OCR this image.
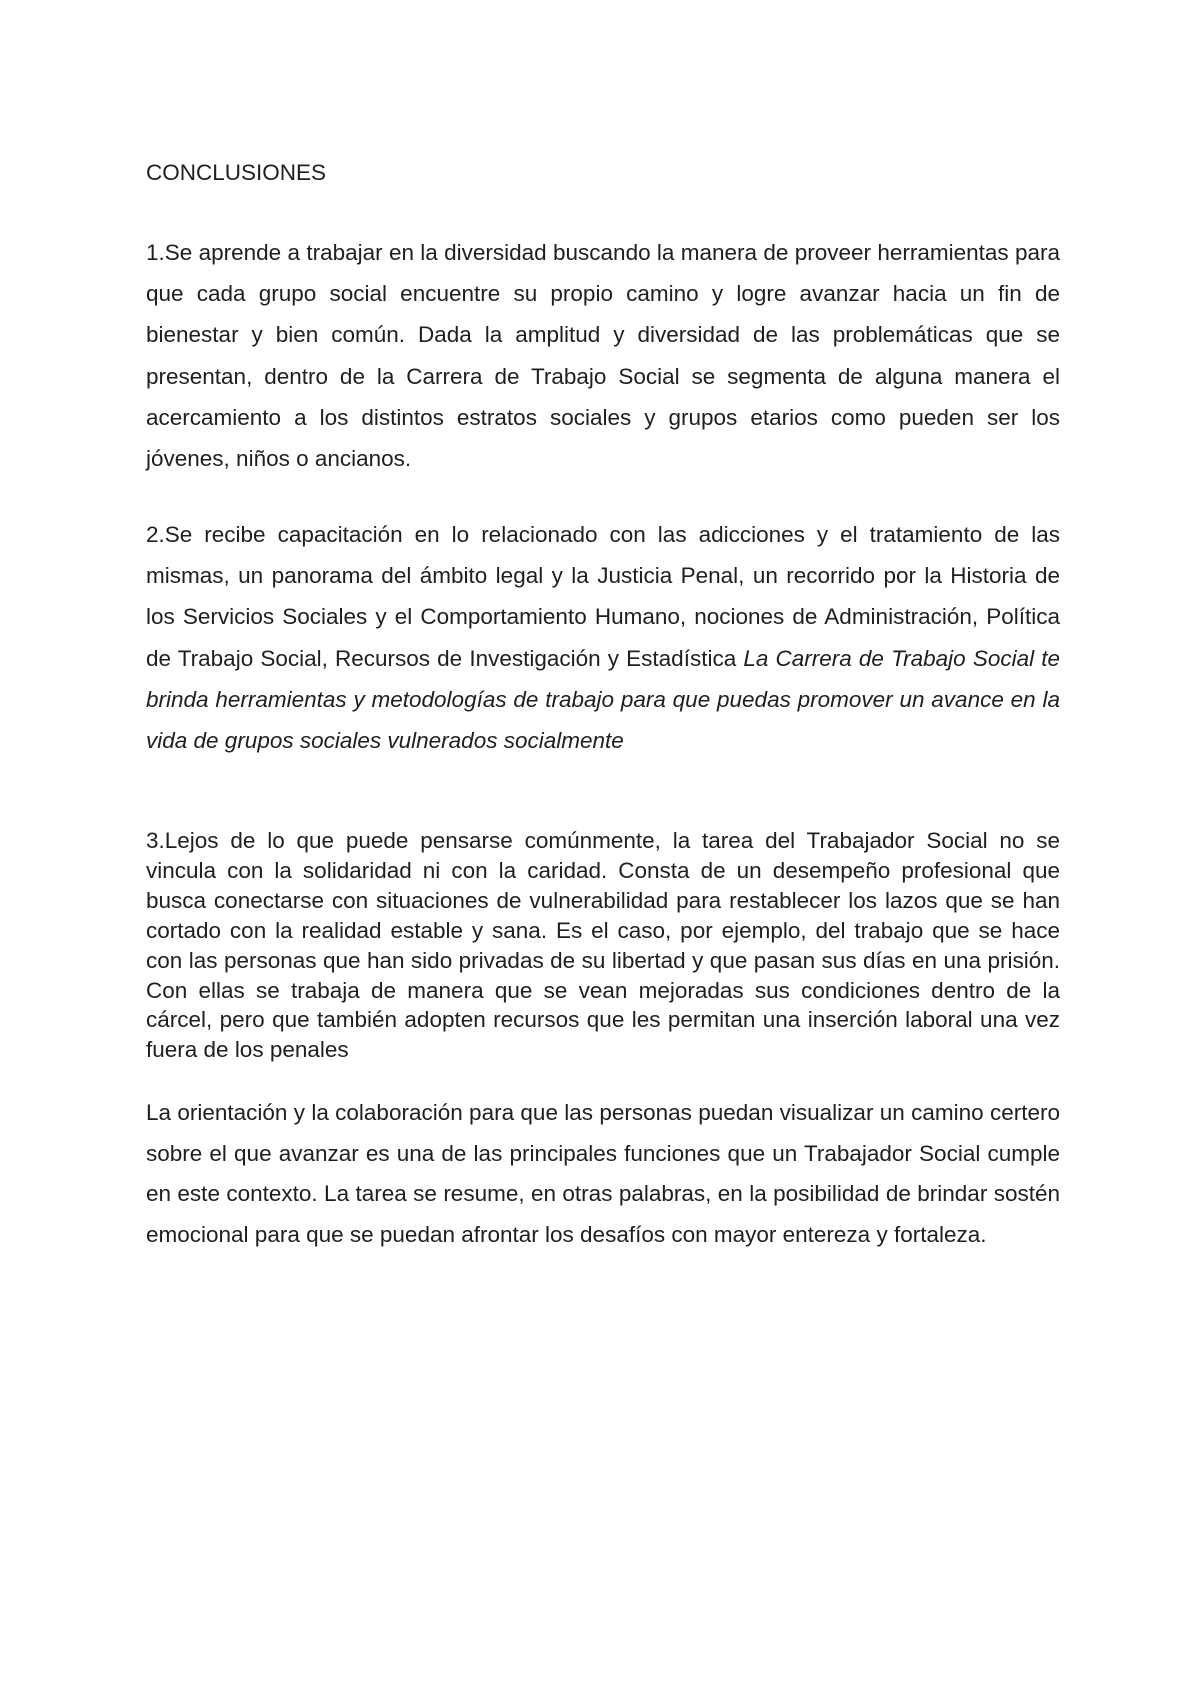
CONCLUSIONES

1.Se aprende a trabajar en la diversidad buscando la manera de proveer herramientas para que cada grupo social encuentre su propio camino y logre avanzar hacia un fin de bienestar y bien común. Dada la amplitud y diversidad de las problemáticas que se presentan, dentro de la Carrera de Trabajo Social se segmenta de alguna manera el acercamiento a los distintos estratos sociales y grupos etarios como pueden ser los jóvenes, niños o ancianos.

2.Se recibe capacitación en lo relacionado con las adicciones y el tratamiento de las mismas, un panorama del ámbito legal y la Justicia Penal, un recorrido por la Historia de los Servicios Sociales y el Comportamiento Humano, nociones de Administración, Política de Trabajo Social, Recursos de Investigación y Estadística La Carrera de Trabajo Social te brinda herramientas y metodologías de trabajo para que puedas promover un avance en la vida de grupos sociales vulnerados socialmente

3.Lejos de lo que puede pensarse comúnmente, la tarea del Trabajador Social no se vincula con la solidaridad ni con la caridad. Consta de un desempeño profesional que busca conectarse con situaciones de vulnerabilidad para restablecer los lazos que se han cortado con la realidad estable y sana. Es el caso, por ejemplo, del trabajo que se hace con las personas que han sido privadas de su libertad y que pasan sus días en una prisión. Con ellas se trabaja de manera que se vean mejoradas sus condiciones dentro de la cárcel, pero que también adopten recursos que les permitan una inserción laboral una vez fuera de los penales

La orientación y la colaboración para que las personas puedan visualizar un camino certero sobre el que avanzar es una de las principales funciones que un Trabajador Social cumple en este contexto. La tarea se resume, en otras palabras, en la posibilidad de brindar sostén emocional para que se puedan afrontar los desafíos con mayor entereza y fortaleza.
